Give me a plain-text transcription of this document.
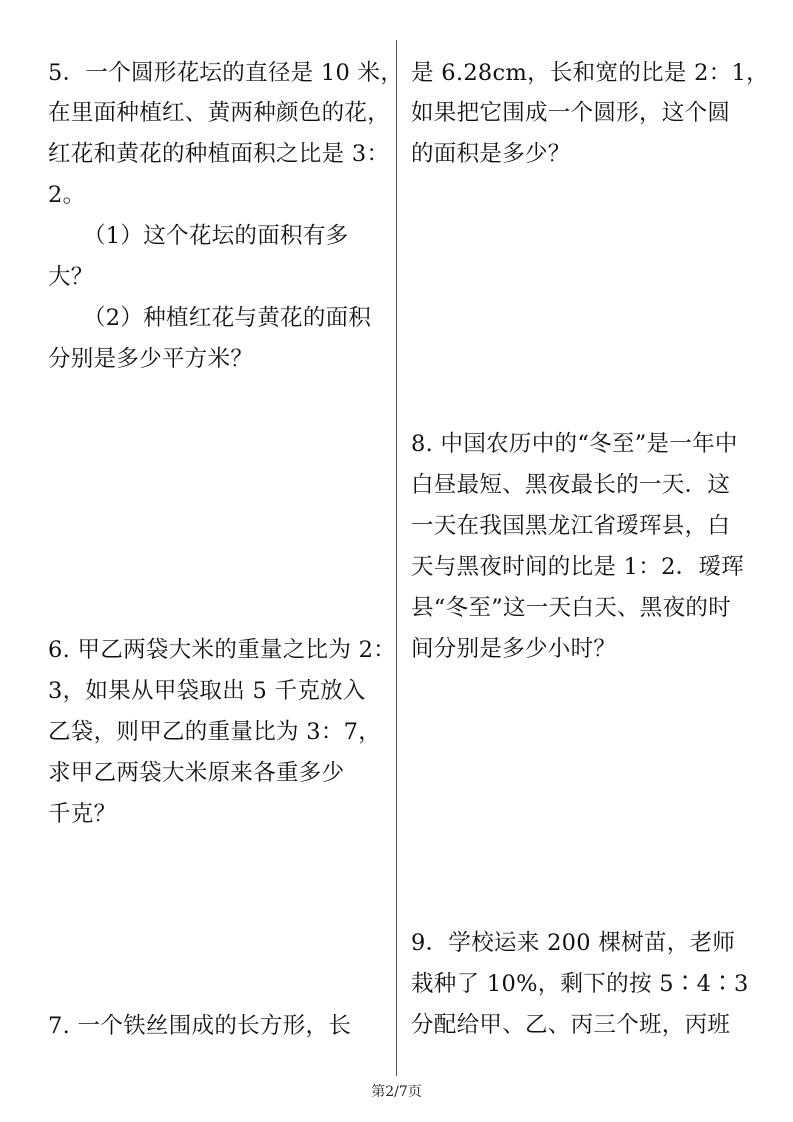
5．一个圆形花坛的直径是 10 米，
在里面种植红、黄两种颜色的花，
红花和黄花的种植面积之比是 3：
2。
（1）这个花坛的面积有多
大？
（2）种植红花与黄花的面积
分别是多少平方米？
6. 甲乙两袋大米的重量之比为 2：
3，如果从甲袋取出 5 千克放入
乙袋，则甲乙的重量比为 3：7，
求甲乙两袋大米原来各重多少
千克？
7. 一个铁丝围成的长方形，长
是 6.28cm，长和宽的比是 2：1，
如果把它围成一个圆形，这个圆
的面积是多少？
8. 中国农历中的“冬至”是一年中
白昼最短、黑夜最长的一天．这
一天在我国黑龙江省瑷珲县，白
天与黑夜时间的比是 1：2．瑷珲
县“冬至”这一天白天、黑夜的时
间分别是多少小时？
9．学校运来 200 棵树苗，老师
栽种了 10%，剩下的按 5∶4∶3
分配给甲、乙、丙三个班，丙班
第2/7页
